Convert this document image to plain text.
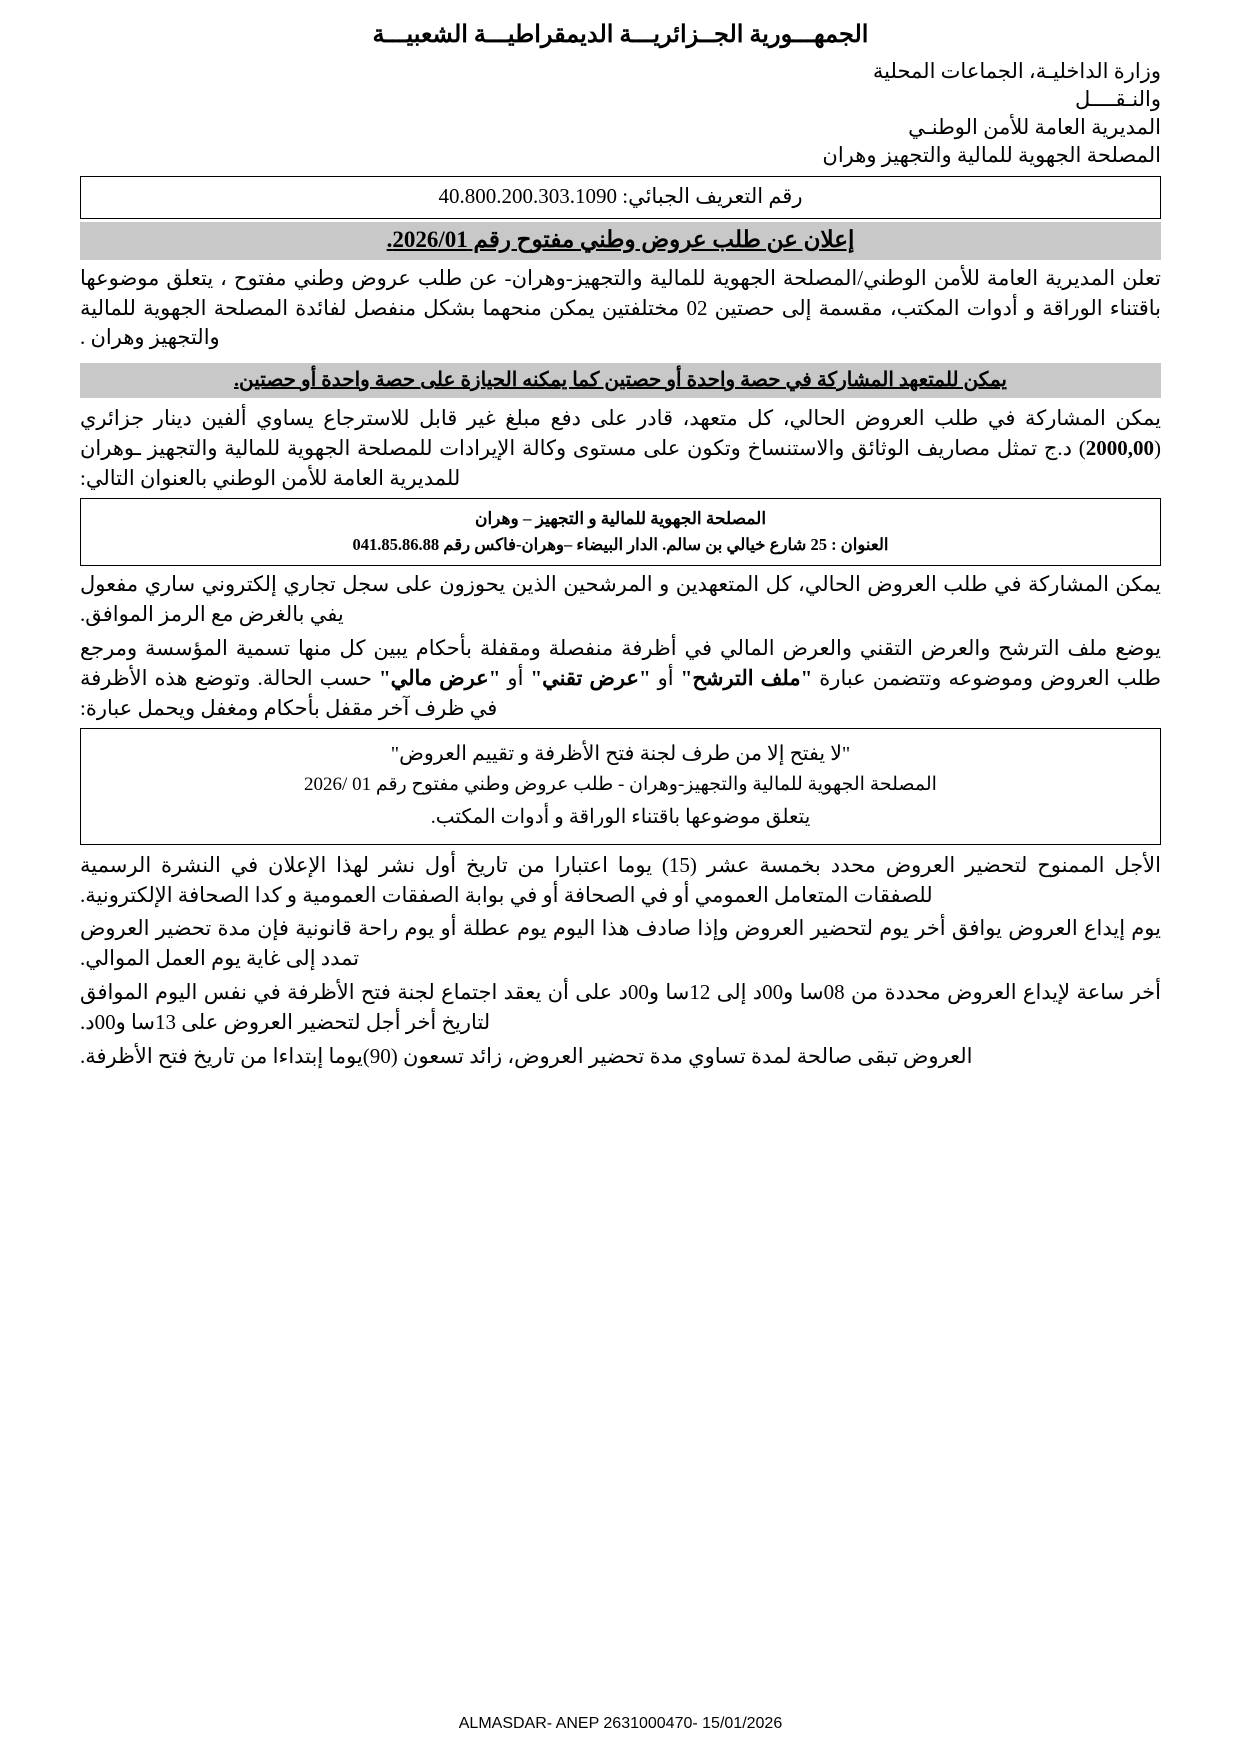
الجمهـــورية الجــزائريـــة الديمقراطيـــة الشعبيـــة
وزارة الداخليـة، الجماعات المحلية
والنـقــــل
المديرية العامة للأمن الوطنـي
المصلحة الجهوية للمالية والتجهيز وهران
رقم التعريف الجبائي: 40.800.200.303.1090
إعلان عن طلب عروض وطني مفتوح رقم 2026/01.

تعلن المديرية العامة للأمن الوطني/المصلحة الجهوية للمالية والتجهيز-وهران- عن طلب عروض وطني مفتوح ، يتعلق موضوعها باقتناء الوراقة و أدوات المكتب، مقسمة إلى حصتين 02 مختلفتين يمكن منحهما بشكل منفصل لفائدة المصلحة الجهوية للمالية والتجهيز وهران .

يمكن للمتعهد المشاركة في حصة واحدة أو حصتين كما يمكنه الحيازة على حصة واحدة أو حصتين.

يمكن المشاركة في طلب العروض الحالي، كل متعهد، قادر على دفع مبلغ غير قابل للاسترجاع يساوي ألفين دينار جزائري (2000,00) د.ج تمثل مصاريف الوثائق والاستنساخ وتكون على مستوى وكالة الإيرادات للمصلحة الجهوية للمالية والتجهيز ـوهران للمديرية العامة للأمن الوطني بالعنوان التالي:

المصلحة الجهوية للمالية و التجهيز – وهران
العنوان : 25 شارع خيالي بن سالم. الدار البيضاء –وهران-فاكس رقم 041.85.86.88

يمكن المشاركة في طلب العروض الحالي، كل المتعهدين و المرشحين الذين يحوزون على سجل تجاري إلكتروني ساري مفعول يفي بالغرض مع الرمز الموافق.

يوضع ملف الترشح والعرض التقني والعرض المالي في أظرفة منفصلة ومقفلة بأحكام يبين كل منها تسمية المؤسسة ومرجع طلب العروض وموضوعه وتتضمن عبارة "ملف الترشح" أو "عرض تقني" أو "عرض مالي" حسب الحالة. وتوضع هذه الأظرفة في ظرف آخر مقفل بأحكام ومغفل ويحمل عبارة:

"لا يفتح إلا من طرف لجنة فتح الأظرفة و تقييم العروض"
المصلحة الجهوية للمالية والتجهيز-وهران - طلب عروض وطني مفتوح رقم 01 /2026
يتعلق موضوعها باقتناء الوراقة و أدوات المكتب.

الأجل الممنوح لتحضير العروض محدد بخمسة عشر (15) يوما اعتبارا من تاريخ أول نشر لهذا الإعلان في النشرة الرسمية للصفقات المتعامل العمومي أو في الصحافة أو في بوابة الصفقات العمومية و كدا الصحافة الإلكترونية.

يوم إيداع العروض يوافق أخر يوم لتحضير العروض وإذا صادف هذا اليوم يوم عطلة أو يوم راحة قانونية فإن مدة تحضير العروض تمدد إلى غاية يوم العمل الموالي.

أخر ساعة لإيداع العروض محددة من 08سا و00د إلى 12سا و00د على أن يعقد اجتماع لجنة فتح الأظرفة في نفس اليوم الموافق لتاريخ أخر أجل لتحضير العروض على 13سا و00د.

العروض تبقى صالحة لمدة تساوي مدة تحضير العروض، زائد تسعون (90)يوما إبتداءا من تاريخ فتح الأظرفة.

ALMASDAR- ANEP 2631000470- 15/01/2026
